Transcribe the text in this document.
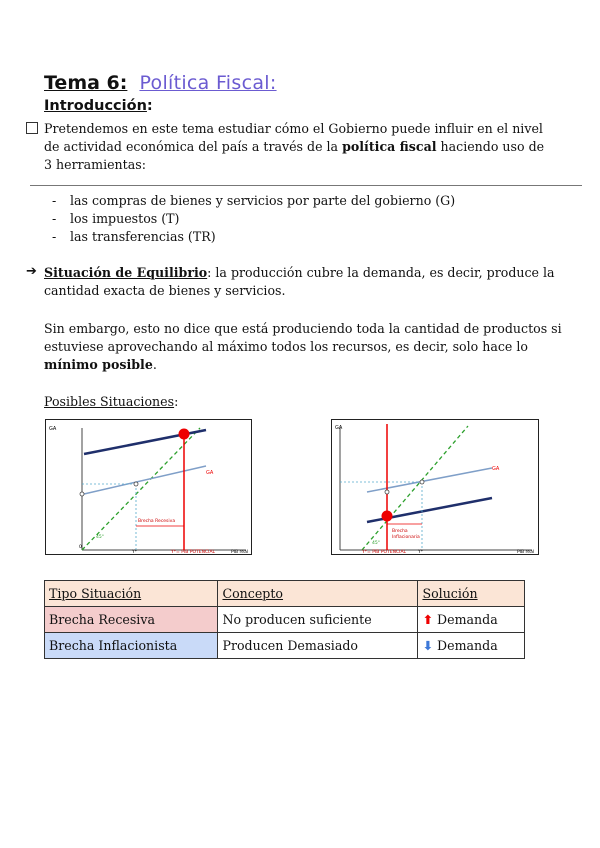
Tema 6: Política Fiscal:
Introducción:
Pretendemos en este tema estudiar cómo el Gobierno puede influir en el nivel de actividad económica del país a través de la política fiscal haciendo uso de 3 herramientas:
- las compras de bienes y servicios por parte del gobierno (G)
- los impuestos (T)
- las transferencias (TR)
➔ Situación de Equilibrio: la producción cubre la demanda, es decir, produce la cantidad exacta de bienes y servicios.
Sin embargo, esto no dice que está produciendo toda la cantidad de productos si estuviese aprovechando al máximo todos los recursos, es decir, solo hace lo mínimo posible.
Posibles Situaciones:
GA
GA
Brecha Recesiva
45°
0
Y*	Y*= PIB POTENCIAL	PIB real
GA
GA
Brecha
Inflacionaria
45°
Y*= PIB POTENCIAL	Y*	PIB real
Tipo Situación	Concepto	Solución
Brecha Recesiva	No producen suficiente	⬆ Demanda
Brecha Inflacionista	Producen Demasiado	⬇ Demanda
